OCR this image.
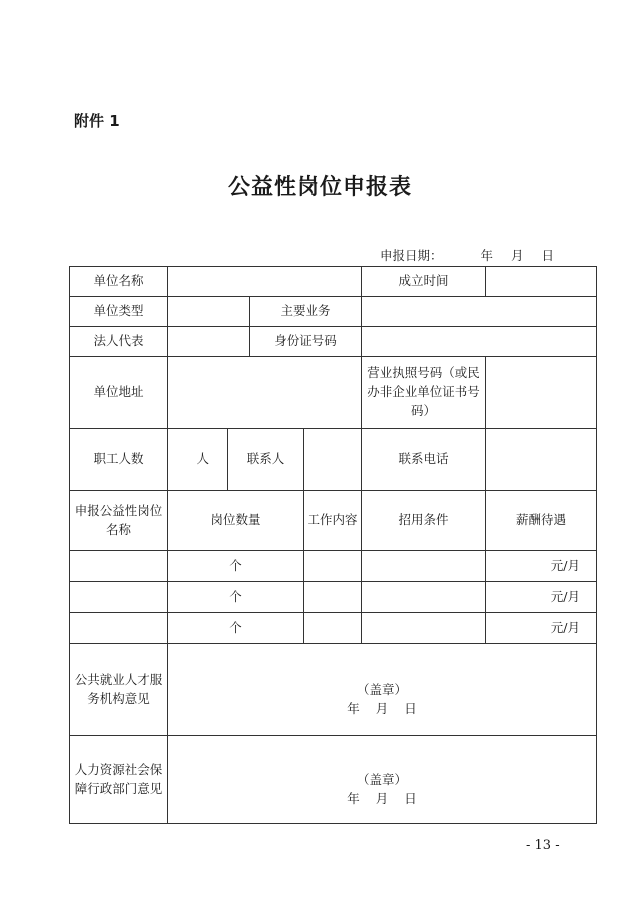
附件 1
公益性岗位申报表
申报日期：	年 月 日
单位名称					成立时间	
单位类型			主要业务			
法人代表			身份证号码			
单位地址					营业执照号码（或民办非企业单位证书号码）	
职工人数	人	联系人			联系电话	
申报公益性岗位名称	岗位数量			工作内容	招用条件	薪酬待遇
	个					元/月
	个					元/月
	个					元/月
公共就业人才服务机构意见	（盖章）
年 月 日					

人力资源社会保障行政部门意见	（盖章）
年 月 日					
- 13 -
